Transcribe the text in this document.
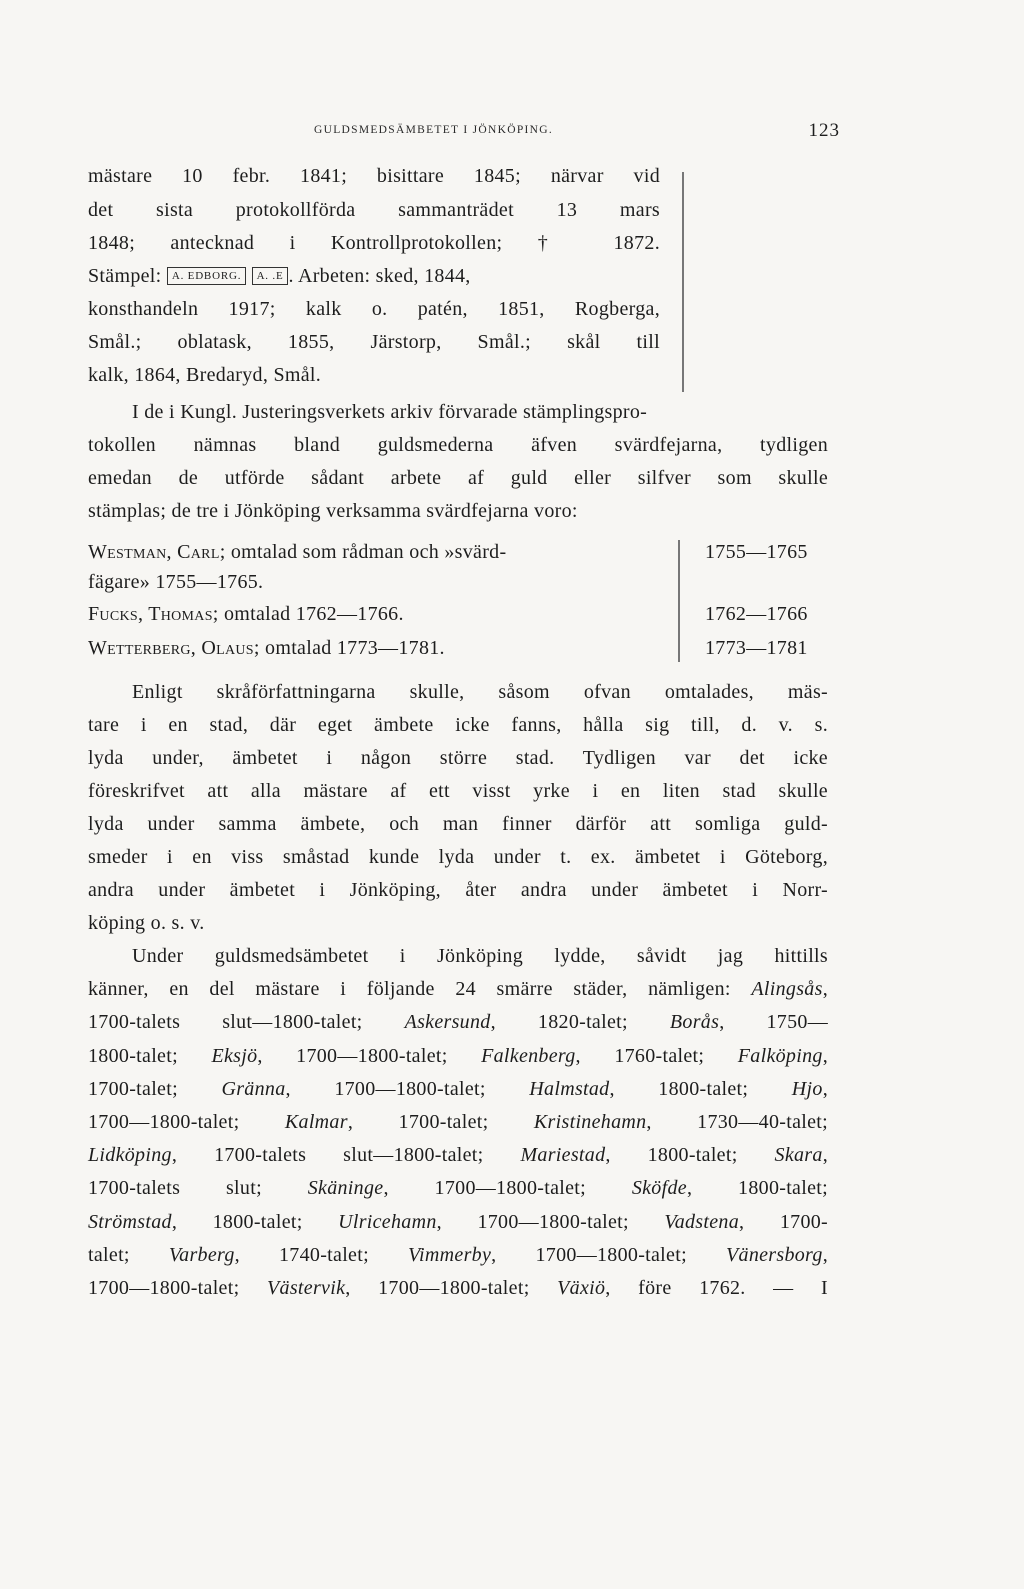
GULDSMEDSÄMBETET I JÖNKÖPING.	123
mästare 10 febr. 1841; bisittare 1845; närvar vid
det sista protokollförda sammanträdet 13 mars
1848; antecknad i Kontrollprotokollen; † 1872.
Stämpel: A. EDBORG. A. .E . Arbeten: sked, 1844,
konsthandeln 1917; kalk o. patén, 1851, Rogberga,
Smål.; oblatask, 1855, Järstorp, Smål.; skål till
kalk, 1864, Bredaryd, Smål.
I de i Kungl. Justeringsverkets arkiv förvarade stämplingspro-
tokollen nämnas bland guldsmederna äfven svärdfejarna, tydligen
emedan de utförde sådant arbete af guld eller silfver som skulle
stämplas; de tre i Jönköping verksamma svärdfejarna voro:
Westman, Carl; omtalad som rådman och »svärd-	1755—1765
fägare» 1755—1765.
Fucks, Thomas; omtalad 1762—1766.	1762—1766
Wetterberg, Olaus; omtalad 1773—1781.	1773—1781
Enligt skråförfattningarna skulle, såsom ofvan omtalades, mäs-
tare i en stad, där eget ämbete icke fanns, hålla sig till, d. v. s.
lyda under, ämbetet i någon större stad. Tydligen var det icke
föreskrifvet att alla mästare af ett visst yrke i en liten stad skulle
lyda under samma ämbete, och man finner därför att somliga guld-
smeder i en viss småstad kunde lyda under t. ex. ämbetet i Göteborg,
andra under ämbetet i Jönköping, åter andra under ämbetet i Norr-
köping o. s. v.
Under guldsmedsämbetet i Jönköping lydde, såvidt jag hittills
känner, en del mästare i följande 24 smärre städer, nämligen: Alingsås,
1700-talets slut—1800-talet; Askersund, 1820-talet; Borås, 1750—
1800-talet; Eksjö, 1700—1800-talet; Falkenberg, 1760-talet; Falköping,
1700-talet; Gränna, 1700—1800-talet; Halmstad, 1800-talet; Hjo,
1700—1800-talet; Kalmar, 1700-talet; Kristinehamn, 1730—40-talet;
Lidköping, 1700-talets slut—1800-talet; Mariestad, 1800-talet; Skara,
1700-talets slut; Skäninge, 1700—1800-talet; Sköfde, 1800-talet;
Strömstad, 1800-talet; Ulricehamn, 1700—1800-talet; Vadstena, 1700-
talet; Varberg, 1740-talet; Vimmerby, 1700—1800-talet; Vänersborg,
1700—1800-talet; Västervik, 1700—1800-talet; Växiö, före 1762. — I
